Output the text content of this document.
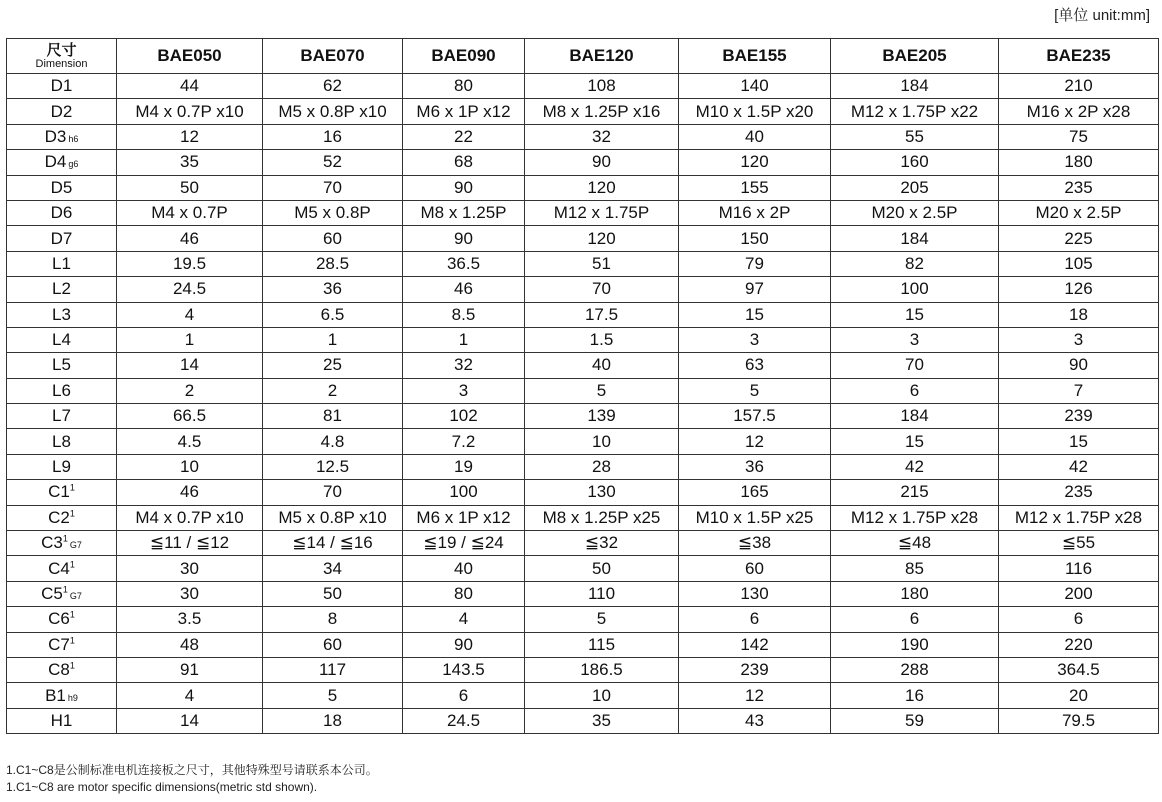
[单位 unit:mm]
尺寸
Dimension	BAE050	BAE070	BAE090	BAE120	BAE155	BAE205	BAE235
D1	44	62	80	108	140	184	210
D2	M4 x 0.7P x10	M5 x 0.8P x10	M6 x 1P x12	M8 x 1.25P x16	M10 x 1.5P x20	M12 x 1.75P x22	M16 x 2P x28
D3 h6	12	16	22	32	40	55	75
D4 g6	35	52	68	90	120	160	180
D5	50	70	90	120	155	205	235
D6	M4 x 0.7P	M5 x 0.8P	M8 x 1.25P	M12 x 1.75P	M16 x 2P	M20 x 2.5P	M20 x 2.5P
D7	46	60	90	120	150	184	225
L1	19.5	28.5	36.5	51	79	82	105
L2	24.5	36	46	70	97	100	126
L3	4	6.5	8.5	17.5	15	15	18
L4	1	1	1	1.5	3	3	3
L5	14	25	32	40	63	70	90
L6	2	2	3	5	5	6	7
L7	66.5	81	102	139	157.5	184	239
L8	4.5	4.8	7.2	10	12	15	15
L9	10	12.5	19	28	36	42	42
$C1^1$	46	70	100	130	165	215	235
$C2^1$	M4 x 0.7P x10	M5 x 0.8P x10	M6 x 1P x12	M8 x 1.25P x25	M10 x 1.5P x25	M12 x 1.75P x28	M12 x 1.75P x28
$C3^1G7$	≦11 / ≦12	≦14 / ≦16	≦19 / ≦24	≦32	≦38	≦48	≦55
$C4^1$	30	34	40	50	60	85	116
$C5^1G7$	30	50	80	110	130	180	200
$C6^1$	3.5	8	4	5	6	6	6
$C7^1$	48	60	90	115	142	190	220
$C8^1$	91	117	143.5	186.5	239	288	364.5
B1 h9	4	5	6	10	12	16	20
H1	14	18	24.5	35	43	59	79.5
1.C1~C8是公制标准电机连接板之尺寸，其他特殊型号请联系本公司。
1.C1~C8 are motor specific dimensions(metric std shown).
